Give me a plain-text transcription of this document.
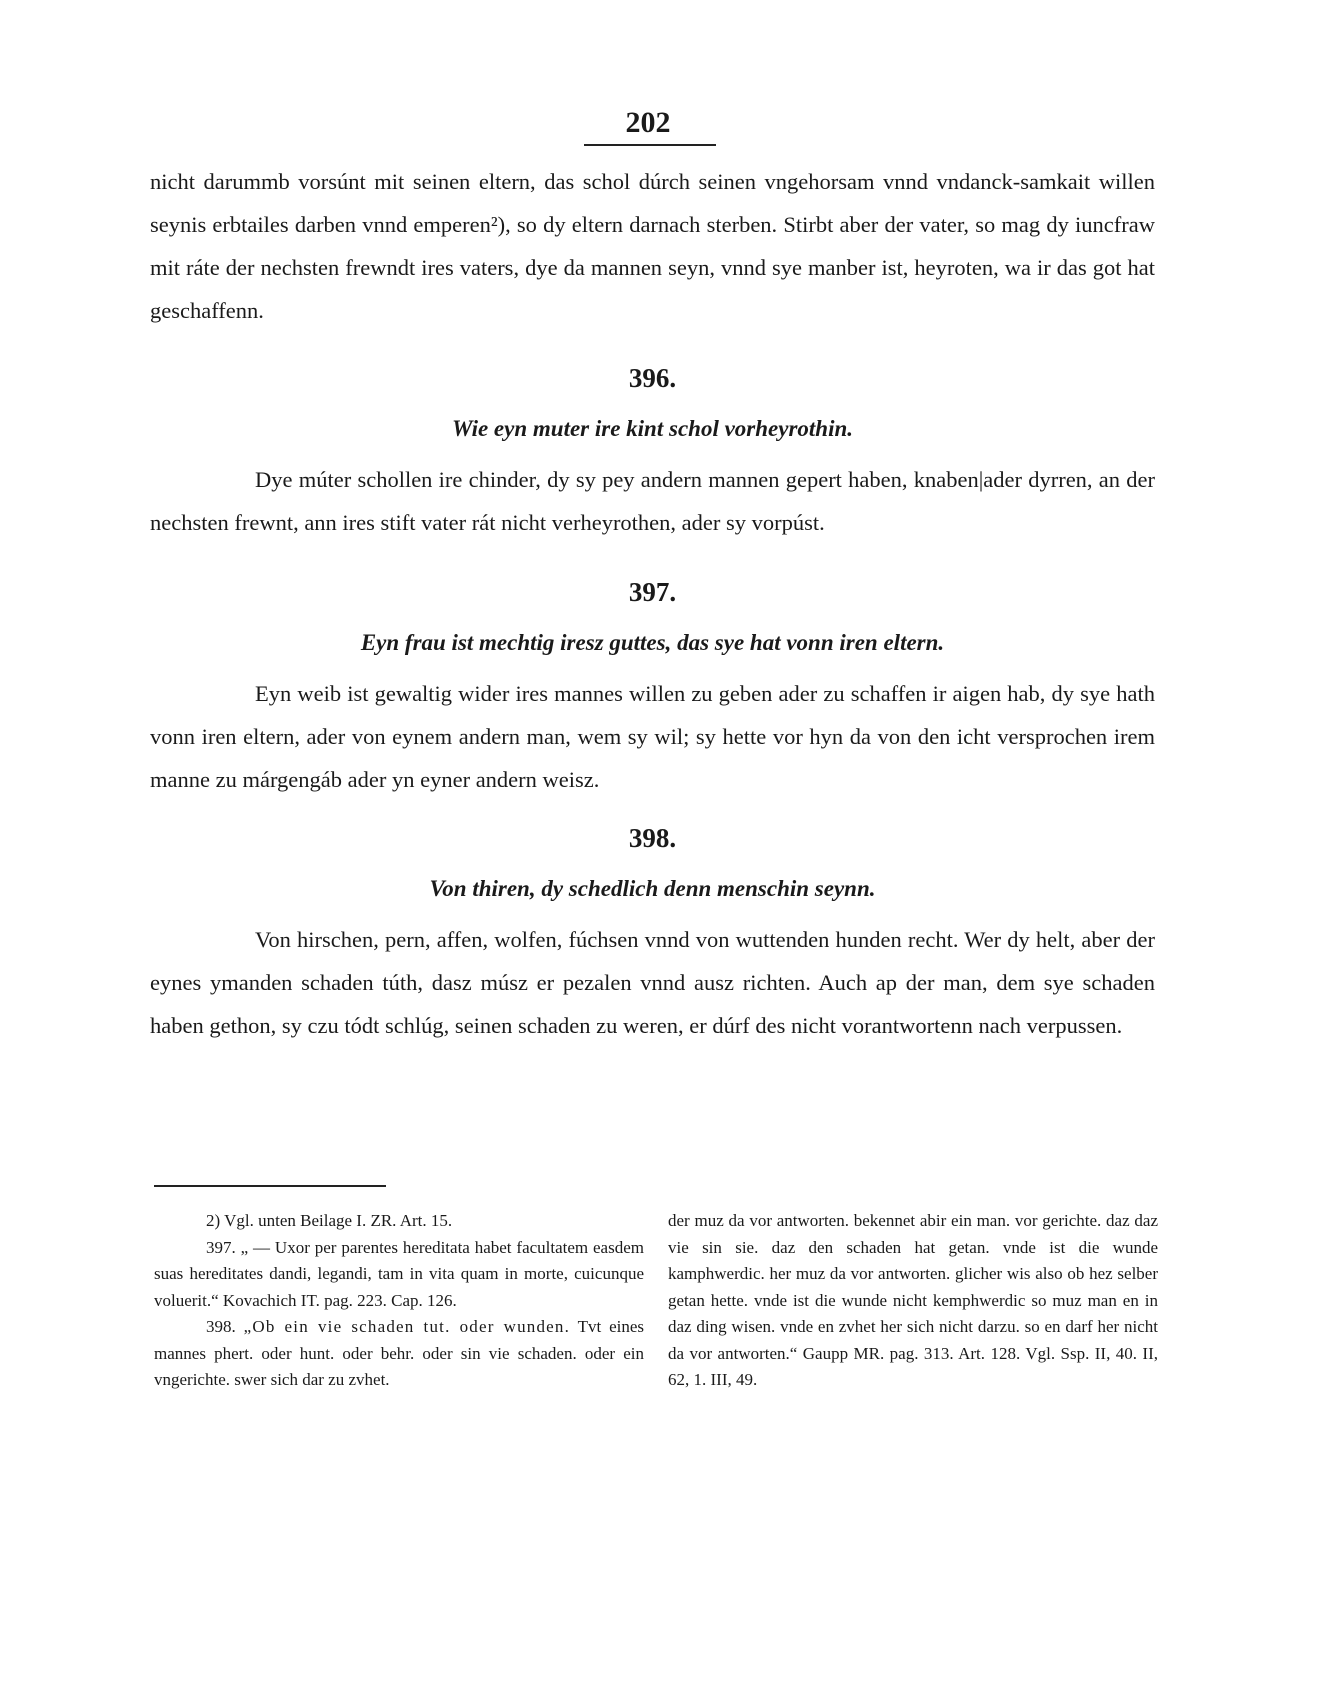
202

nicht darummb vorsúnt mit seinen eltern, das schol dúrch seinen vngehorsam vnnd vndanck-samkait willen seynis erbtailes darben vnnd emperen²), so dy eltern darnach sterben. Stirbt aber der vater, so mag dy iuncfraw mit ráte der nechsten frewndt ires vaters, dye da mannen seyn, vnnd sye manber ist, heyroten, wa ir das got hat geschaffenn.

396.
Wie eyn muter ire kint schol vorheyrothin.

Dye múter schollen ire chinder, dy sy pey andern mannen gepert haben, knaben|ader dyrren, an der nechsten frewnt, ann ires stift vater rát nicht verheyrothen, ader sy vorpúst.

397.
Eyn frau ist mechtig iresz guttes, das sye hat vonn iren eltern.

Eyn weib ist gewaltig wider ires mannes willen zu geben ader zu schaffen ir aigen hab, dy sye hath vonn iren eltern, ader von eynem andern man, wem sy wil; sy hette vor hyn da von den icht versprochen irem manne zu márgengáb ader yn eyner andern weisz.

398.
Von thiren, dy schedlich denn menschin seynn.

Von hirschen, pern, affen, wolfen, fúchsen vnnd von wuttenden hunden recht. Wer dy helt, aber der eynes ymanden schaden túth, dasz músz er pezalen vnnd ausz richten. Auch ap der man, dem sye schaden haben gethon, sy czu tódt schlúg, seinen schaden zu weren, er dúrf des nicht vorantwortenn nach verpussen.

2) Vgl. unten Beilage I. ZR. Art. 15.

397. „ — Uxor per parentes hereditata habet facultatem easdem suas hereditates dandi, legandi, tam in vita quam in morte, cuicunque voluerit.“ Kovachich IT. pag. 223. Cap. 126.

398. „Ob ein vie schaden tut. oder wunden. Tvt eines mannes phert. oder hunt. oder behr. oder sin vie schaden. oder ein vngerichte. swer sich dar zu zvhet.

der muz da vor antworten. bekennet abir ein man. vor gerichte. daz daz vie sin sie. daz den schaden hat getan. vnde ist die wunde kamphwerdic. her muz da vor antworten. glicher wis also ob hez selber getan hette. vnde ist die wunde nicht kemphwerdic so muz man en in daz ding wisen. vnde en zvhet her sich nicht darzu. so en darf her nicht da vor antworten.“ Gaupp MR. pag. 313. Art. 128. Vgl. Ssp. II, 40. II, 62, 1. III, 49.
